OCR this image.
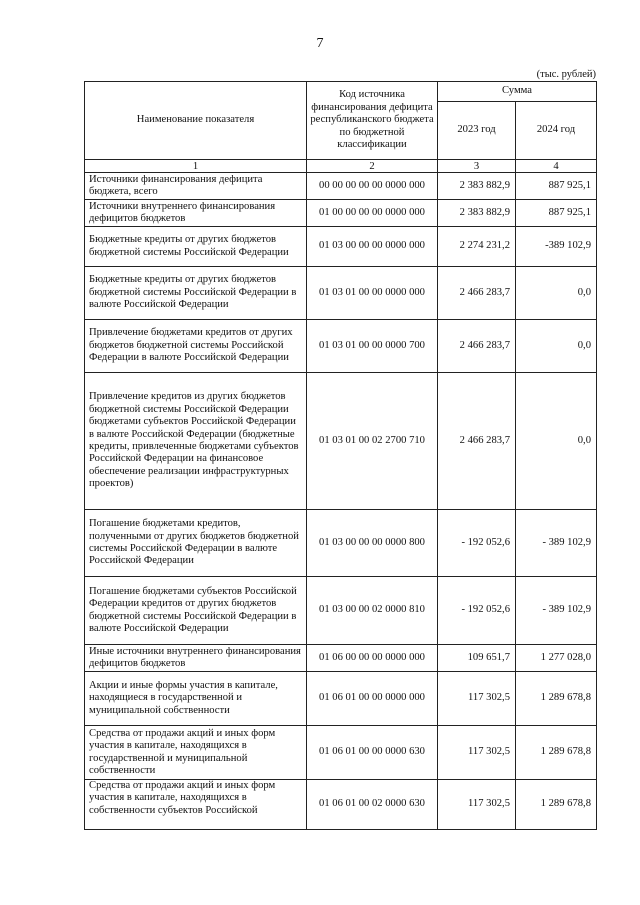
7
(тыс. рублей)
Наименование показателя	Код источника финансирования дефицита республиканского бюджета по бюджетной классификации	Сумма	
		2023 год	2024 год
1	2	3	4
Источники финансирования дефицита бюджета, всего	00 00 00 00 00 0000 000	2 383 882,9	887 925,1
Источники внутреннего финансирования дефицитов бюджетов	01 00 00 00 00 0000 000	2 383 882,9	887 925,1
Бюджетные кредиты от других бюджетов бюджетной системы Российской Федерации	01 03 00 00 00 0000 000	2 274 231,2	-389 102,9
Бюджетные кредиты от других бюджетов бюджетной системы Российской Федерации в валюте Российской Федерации	01 03 01 00 00 0000 000	2 466 283,7	0,0
Привлечение бюджетами кредитов от других бюджетов бюджетной системы Российской Федерации в валюте Российской Федерации	01 03 01 00 00 0000 700	2 466 283,7	0,0
Привлечение кредитов из других бюджетов бюджетной системы Российской Федерации бюджетами субъектов Российской Федерации в валюте Российской Федерации (бюджетные кредиты, привлеченные бюджетами субъектов Российской Федерации на финансовое обеспечение реализации инфраструктурных проектов)	01 03 01 00 02 2700 710	2 466 283,7	0,0
Погашение бюджетами кредитов, полученными от других бюджетов бюджетной системы Российской Федерации в валюте Российской Федерации	01 03 00 00 00 0000 800	- 192 052,6	- 389 102,9
Погашение бюджетами субъектов Российской Федерации кредитов от других бюджетов бюджетной системы Российской Федерации в валюте Российской Федерации	01 03 00 00 02 0000 810	- 192 052,6	- 389 102,9
Иные источники внутреннего финансирования дефицитов бюджетов	01 06 00 00 00 0000 000	109 651,7	1 277 028,0
Акции и иные формы участия в капитале, находящиеся в государственной и муниципальной собственности	01 06 01 00 00 0000 000	117 302,5	1 289 678,8
Средства от продажи акций и иных форм участия в капитале, находящихся в государственной и муниципальной собственности	01 06 01 00 00 0000 630	117 302,5	1 289 678,8
Средства от продажи акций и иных форм участия в капитале, находящихся в собственности субъектов Российской	01 06 01 00 02 0000 630	117 302,5	1 289 678,8
